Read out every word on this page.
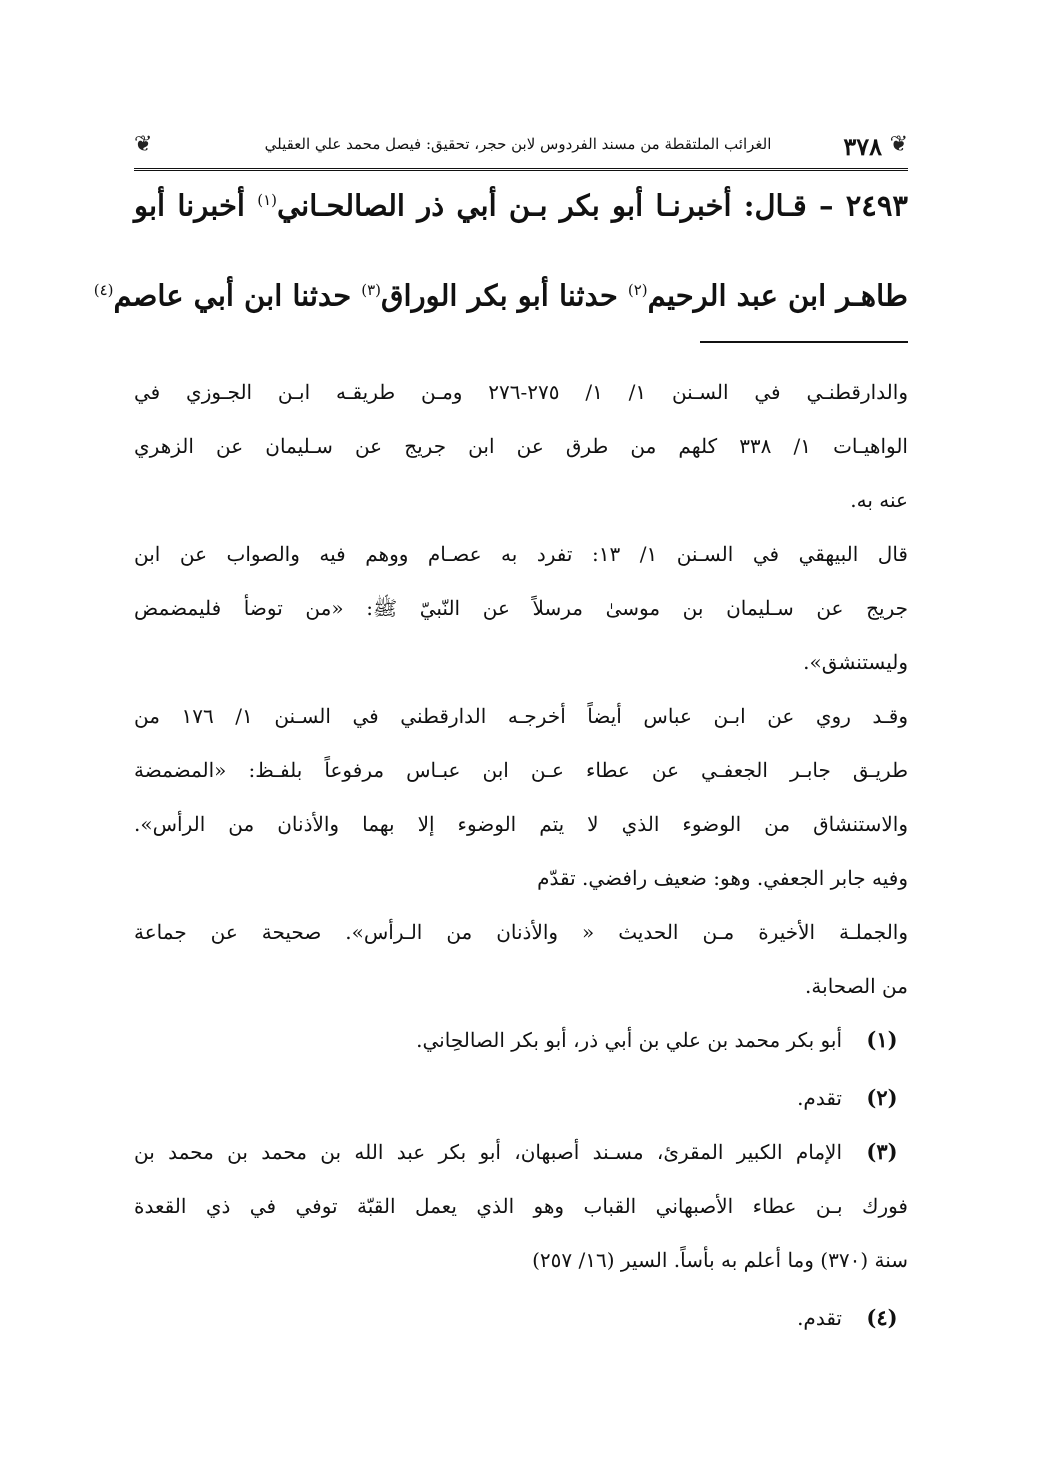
❦
٣٧٨
الغرائب الملتقطة من مسند الفردوس لابن حجر، تحقيق: فيصل محمد علي العقيلي
❦
٢٤٩٣ – قـال: أخبرنـا أبو بكر بـن أبي ذر الصالحـاني$^{(١)}$ أخبرنا أبو
طاهـر ابن عبد الرحيم$^{(٢)}$ حدثنا أبو بكر الوراق$^{(٣)}$ حدثنا ابن أبي عاصم$^{(٤)}$
والدارقطنـي في السـنن ١/ ١/ ٢٧٥-٢٧٦ ومـن طريقـه ابـن الجـوزي في
الواهيـات ١/ ٣٣٨ كلهم من طرق عن ابن جريج عن سـليمان عن الزهري
عنه به.
قال البيهقي في السـنن ١/ ١٣: تفرد به عصـام ووهم فيه والصواب عن ابن
جريج عن سـليمان بن موسىٰ مرسلاً عن النّبيّ ﷺ: «من توضأ فليمضمض
وليستنشق».
وقـد روي عن ابـن عباس أيضاً أخرجـه الدارقطني في السـنن ١/ ١٧٦ من
طريـق جابـر الجعفـي عن عطاء عـن ابن عبـاس مرفوعاً بلفـظ: «المضمضة
والاستنشاق من الوضوء الذي لا يتم الوضوء إلا بهما والأذنان من الرأس».
وفيه جابر الجعفي. وهو: ضعيف رافضي. تقدّم
والجملـة الأخيرة مـن الحديث « والأذنان من الـرأس». صحيحة عن جماعة
من الصحابة.
(١)
أبو بكر محمد بن علي بن أبي ذر، أبو بكر الصالحِاني.
(٢)
تقدم.
(٣)
الإمام الكبير المقرئ، مسـند أصبهان، أبو بكر عبد الله بن محمد بن محمد بن
فورك بـن عطاء الأصبهاني القباب وهو الذي يعمل القبّة توفي في ذي القعدة
سنة (٣٧٠) وما أعلم به بأساً. السير (١٦/ ٢٥٧)
(٤)
تقدم.
